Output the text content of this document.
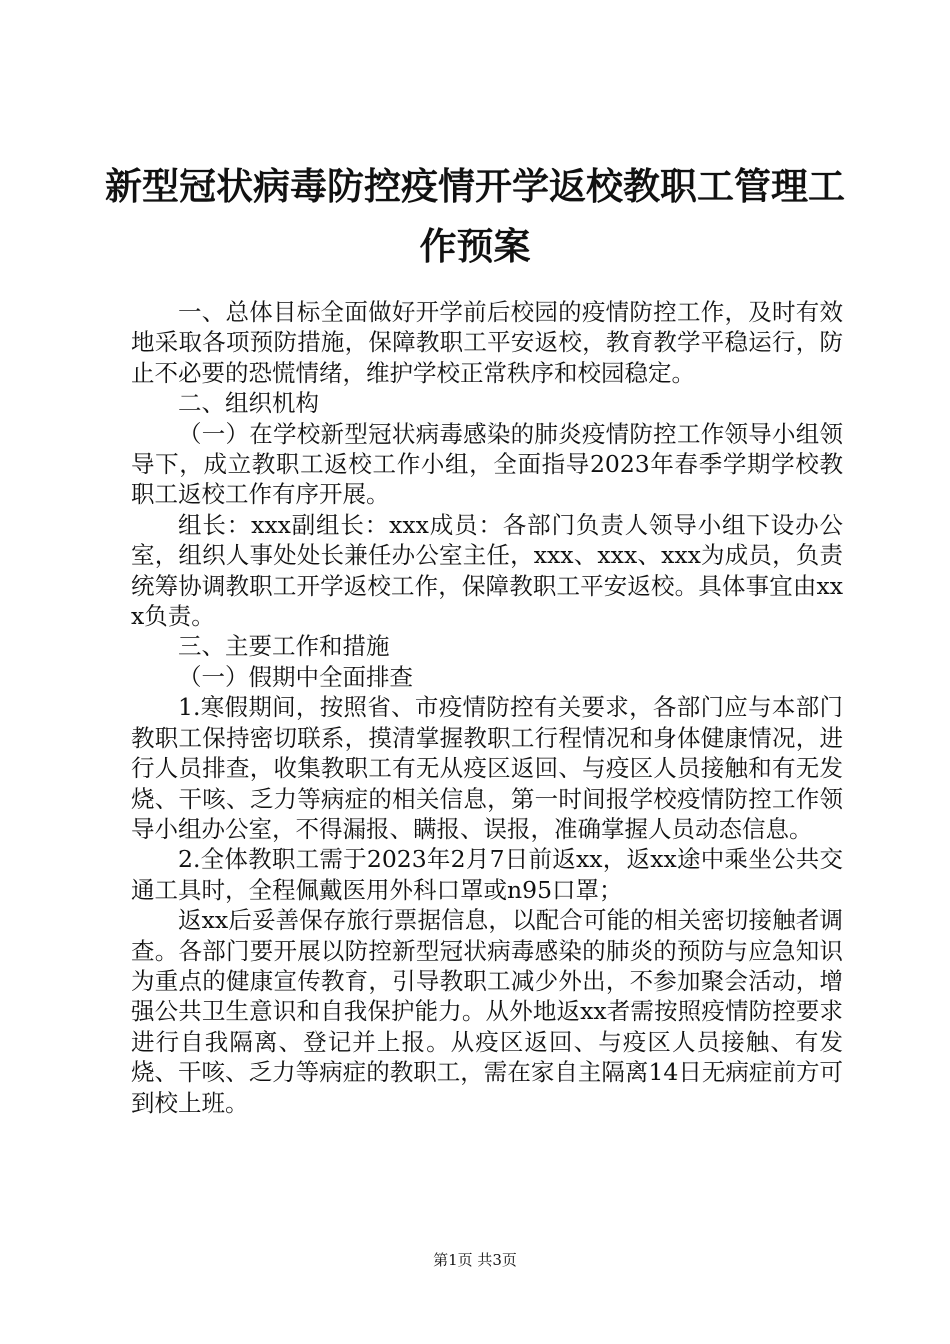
新型冠状病毒防控疫情开学返校教职工管理工作预案

一、总体目标全面做好开学前后校园的疫情防控工作，及时有效地采取各项预防措施，保障教职工平安返校，教育教学平稳运行，防止不必要的恐慌情绪，维护学校正常秩序和校园稳定。

二、组织机构

（一）在学校新型冠状病毒感染的肺炎疫情防控工作领导小组领导下，成立教职工返校工作小组，全面指导2023年春季学期学校教职工返校工作有序开展。

组长：xxx副组长：xxx成员：各部门负责人领导小组下设办公室，组织人事处处长兼任办公室主任，xxx、xxx、xxx为成员，负责统筹协调教职工开学返校工作，保障教职工平安返校。具体事宜由xxx负责。

三、主要工作和措施

（一）假期中全面排查

1.寒假期间，按照省、市疫情防控有关要求，各部门应与本部门教职工保持密切联系，摸清掌握教职工行程情况和身体健康情况，进行人员排查，收集教职工有无从疫区返回、与疫区人员接触和有无发烧、干咳、乏力等病症的相关信息，第一时间报学校疫情防控工作领导小组办公室，不得漏报、瞒报、误报，准确掌握人员动态信息。

2.全体教职工需于2023年2月7日前返xx，返xx途中乘坐公共交通工具时，全程佩戴医用外科口罩或n95口罩；

返xx后妥善保存旅行票据信息，以配合可能的相关密切接触者调查。各部门要开展以防控新型冠状病毒感染的肺炎的预防与应急知识为重点的健康宣传教育，引导教职工减少外出，不参加聚会活动，增强公共卫生意识和自我保护能力。从外地返xx者需按照疫情防控要求进行自我隔离、登记并上报。从疫区返回、与疫区人员接触、有发烧、干咳、乏力等病症的教职工，需在家自主隔离14日无病症前方可到校上班。

第1页 共3页
